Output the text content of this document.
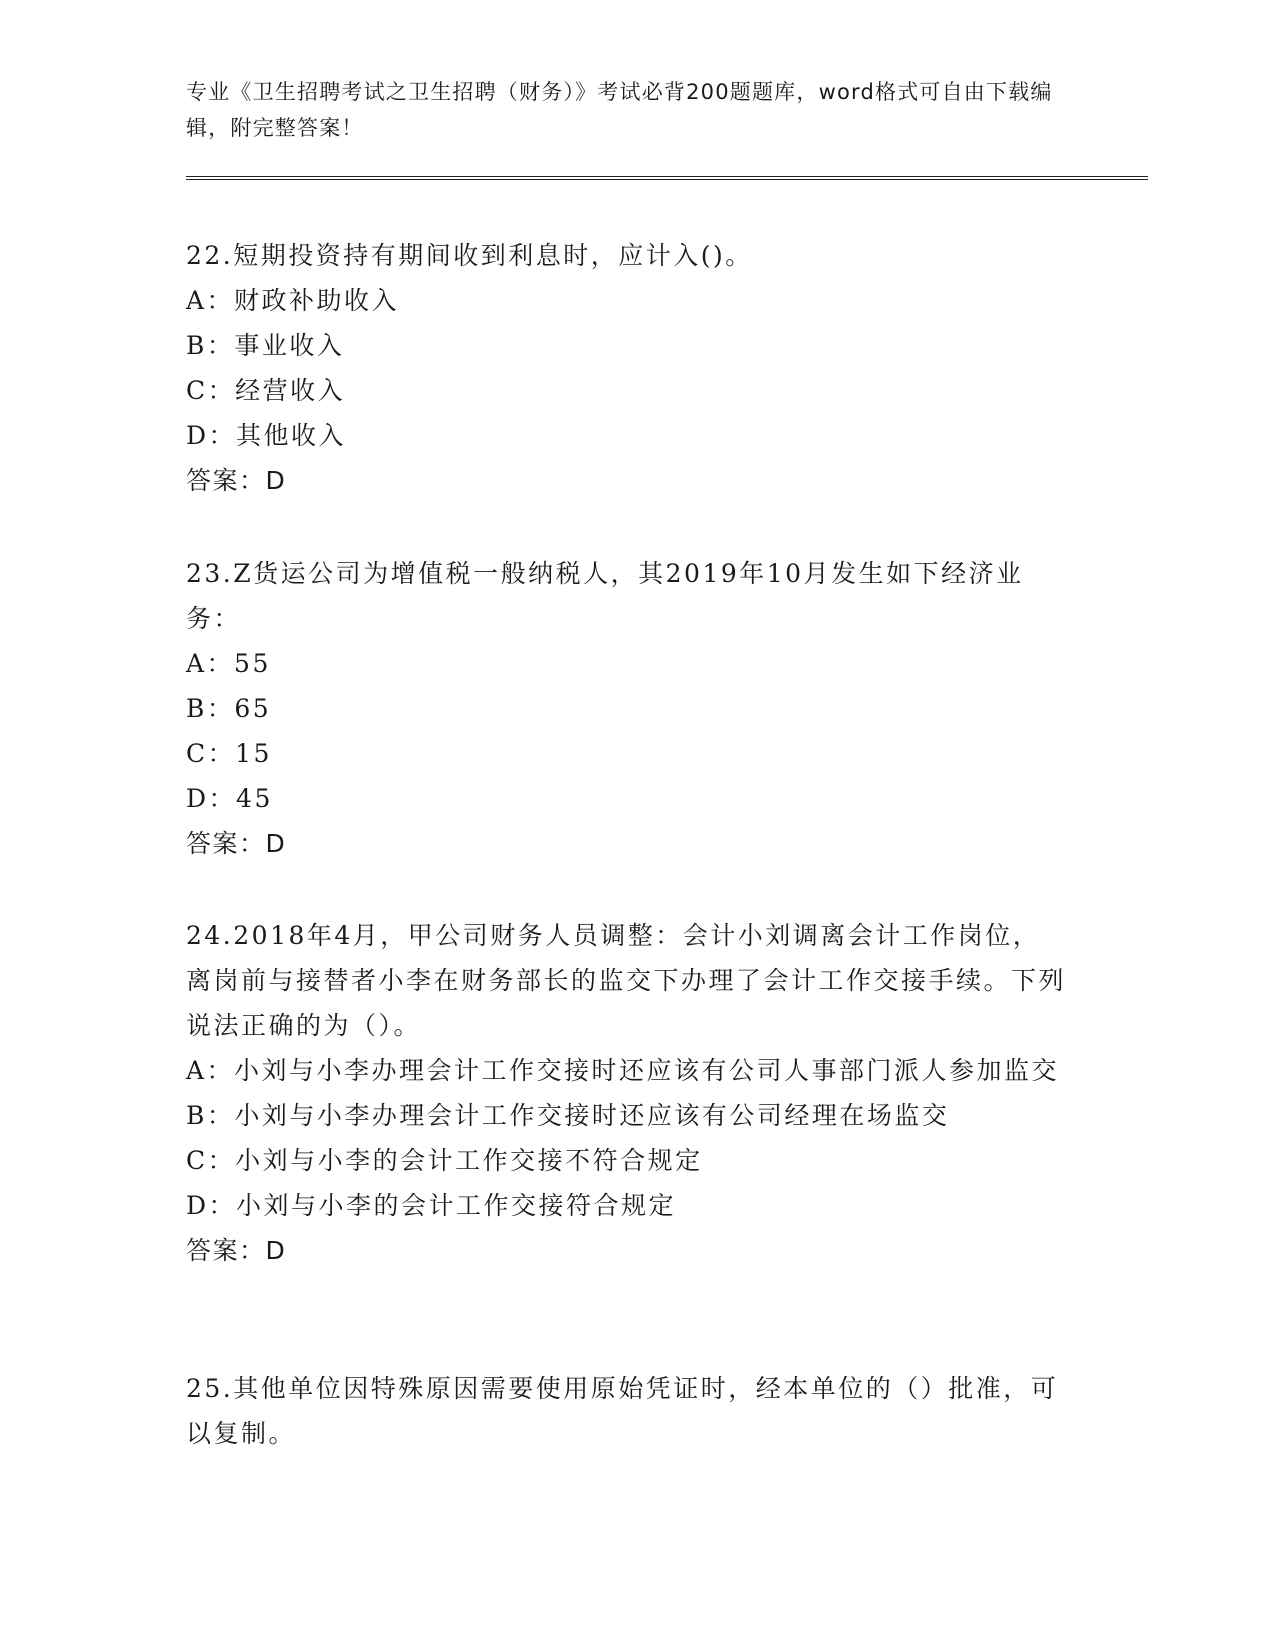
专业《卫生招聘考试之卫生招聘（财务）》考试必背200题题库，word格式可自由下载编辑，附完整答案！

22.短期投资持有期间收到利息时，应计入()。

A：财政补助收入

B：事业收入

C：经营收入

D：其他收入

答案：D

23.Z货运公司为增值税一般纳税人，其2019年10月发生如下经济业务：

A：55

B：65

C：15

D：45

答案：D

24.2018年4月，甲公司财务人员调整：会计小刘调离会计工作岗位，离岗前与接替者小李在财务部长的监交下办理了会计工作交接手续。下列说法正确的为（）。

A：小刘与小李办理会计工作交接时还应该有公司人事部门派人参加监交

B：小刘与小李办理会计工作交接时还应该有公司经理在场监交

C：小刘与小李的会计工作交接不符合规定

D：小刘与小李的会计工作交接符合规定

答案：D

25.其他单位因特殊原因需要使用原始凭证时，经本单位的（）批准，可以复制。
